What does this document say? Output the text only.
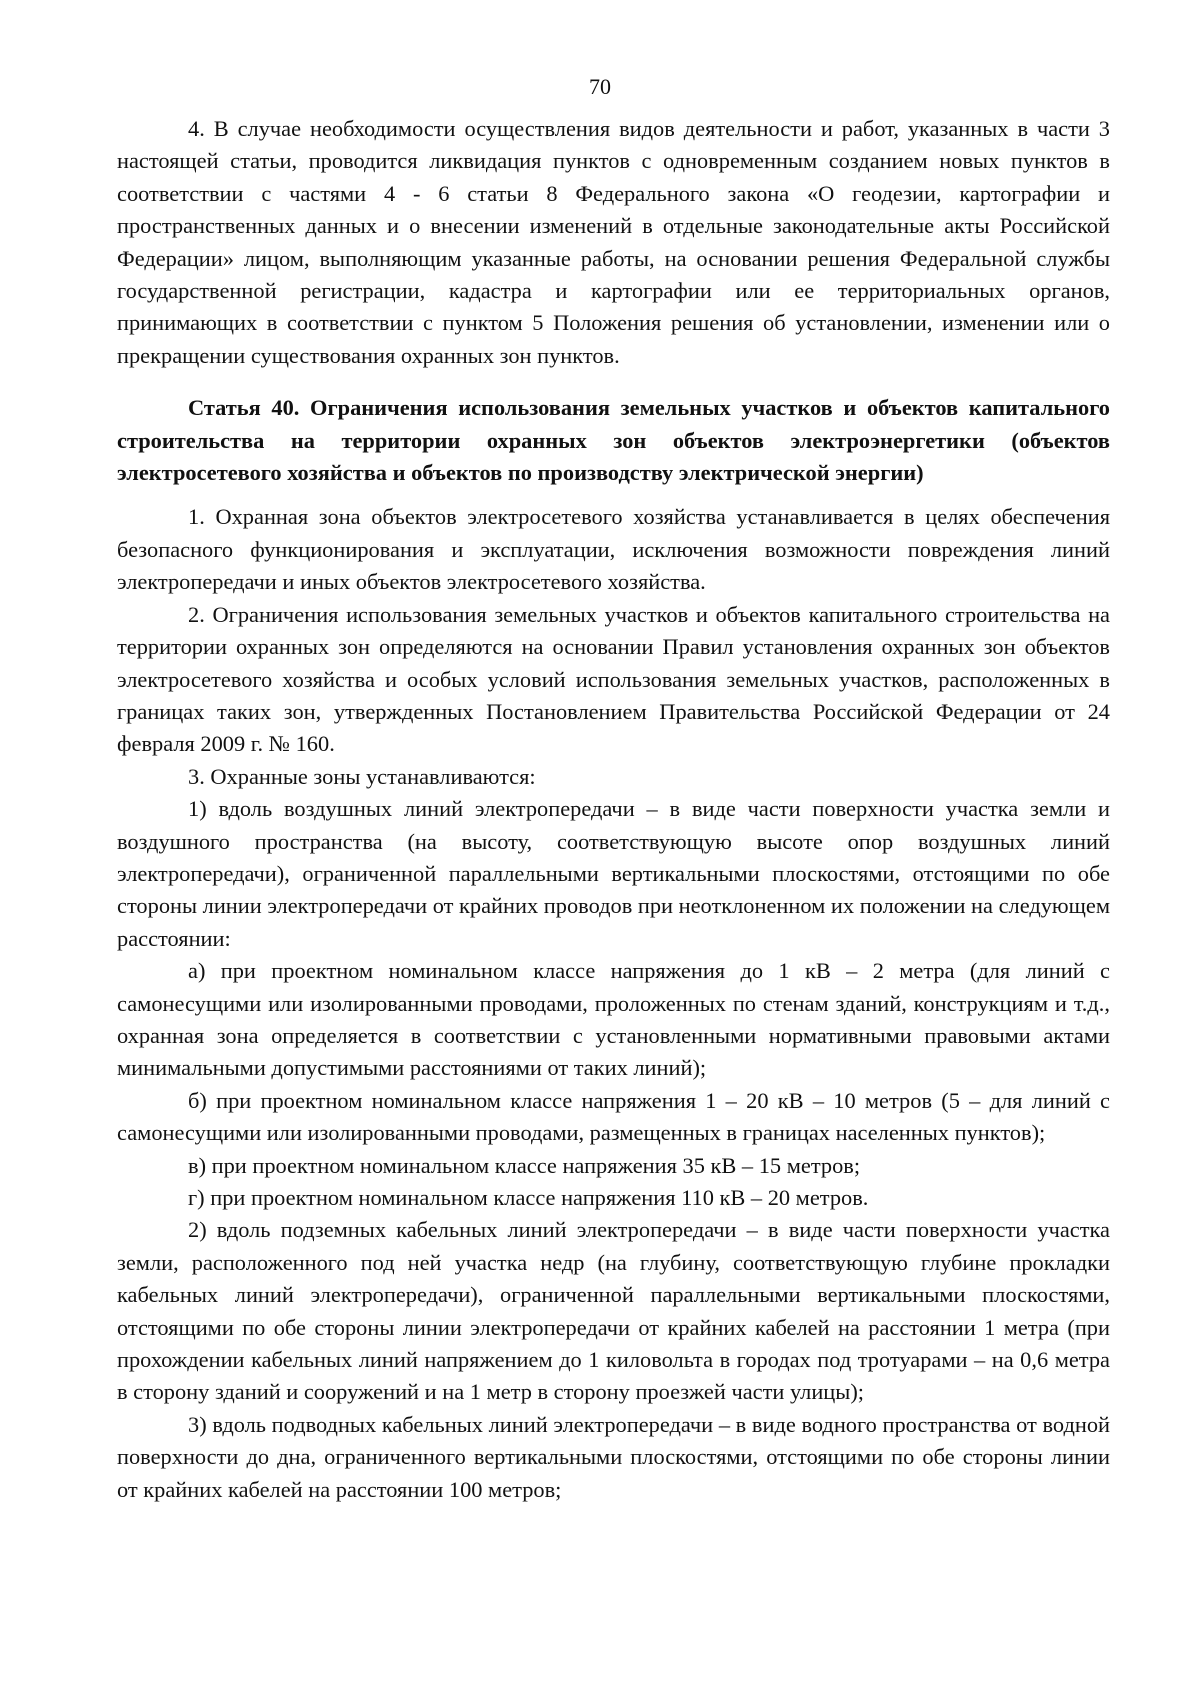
70

4. В случае необходимости осуществления видов деятельности и работ, указанных в части 3 настоящей статьи, проводится ликвидация пунктов с одновременным созданием новых пунктов в соответствии с частями 4 - 6 статьи 8 Федерального закона «О геодезии, картографии и пространственных данных и о внесении изменений в отдельные законодательные акты Российской Федерации» лицом, выполняющим указанные работы, на основании решения Федеральной службы государственной регистрации, кадастра и картографии или ее территориальных органов, принимающих в соответствии с пунктом 5 Положения решения об установлении, изменении или о прекращении существования охранных зон пунктов.

Статья 40. Ограничения использования земельных участков и объектов капитального строительства на территории охранных зон объектов электроэнергетики (объектов электросетевого хозяйства и объектов по производству электрической энергии)

1. Охранная зона объектов электросетевого хозяйства устанавливается в целях обеспечения безопасного функционирования и эксплуатации, исключения возможности повреждения линий электропередачи и иных объектов электросетевого хозяйства.

2. Ограничения использования земельных участков и объектов капитального строительства на территории охранных зон определяются на основании Правил установления охранных зон объектов электросетевого хозяйства и особых условий использования земельных участков, расположенных в границах таких зон, утвержденных Постановлением Правительства Российской Федерации от 24 февраля 2009 г. № 160.

3. Охранные зоны устанавливаются:

1) вдоль воздушных линий электропередачи – в виде части поверхности участка земли и воздушного пространства (на высоту, соответствующую высоте опор воздушных линий электропередачи), ограниченной параллельными вертикальными плоскостями, отстоящими по обе стороны линии электропередачи от крайних проводов при неотклоненном их положении на следующем расстоянии:

а) при проектном номинальном классе напряжения до 1 кВ – 2 метра (для линий с самонесущими или изолированными проводами, проложенных по стенам зданий, конструкциям и т.д., охранная зона определяется в соответствии с установленными нормативными правовыми актами минимальными допустимыми расстояниями от таких линий);

б) при проектном номинальном классе напряжения 1 – 20 кВ – 10 метров (5 – для линий с самонесущими или изолированными проводами, размещенных в границах населенных пунктов);

в) при проектном номинальном классе напряжения 35 кВ – 15 метров;

г) при проектном номинальном классе напряжения 110 кВ – 20 метров.

2) вдоль подземных кабельных линий электропередачи – в виде части поверхности участка земли, расположенного под ней участка недр (на глубину, соответствующую глубине прокладки кабельных линий электропередачи), ограниченной параллельными вертикальными плоскостями, отстоящими по обе стороны линии электропередачи от крайних кабелей на расстоянии 1 метра (при прохождении кабельных линий напряжением до 1 киловольта в городах под тротуарами – на 0,6 метра в сторону зданий и сооружений и на 1 метр в сторону проезжей части улицы);

3) вдоль подводных кабельных линий электропередачи – в виде водного пространства от водной поверхности до дна, ограниченного вертикальными плоскостями, отстоящими по обе стороны линии от крайних кабелей на расстоянии 100 метров;
